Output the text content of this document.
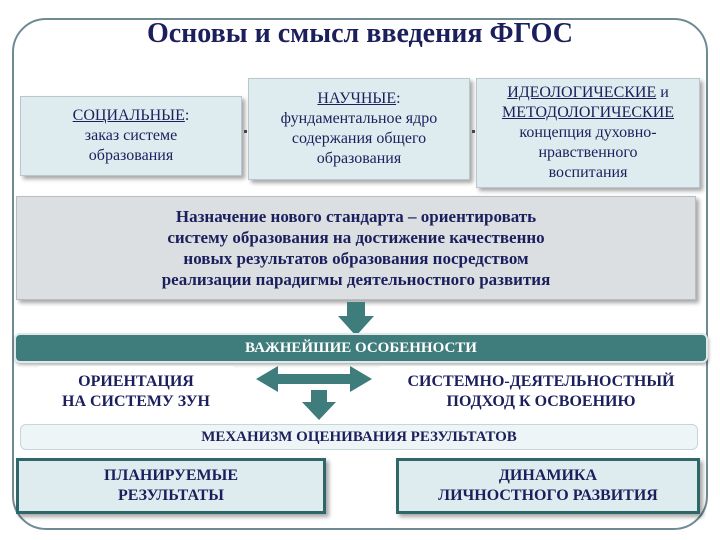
Основы и смысл введения ФГОС
СОЦИАЛЬНЫЕ:
заказ системе
образования
НАУЧНЫЕ:
фундаментальное ядро
содержания общего
образования
ИДЕОЛОГИЧЕСКИЕ и
МЕТОДОЛОГИЧЕСКИЕ
концепция духовно-
нравственного
воспитания
Назначение нового стандарта – ориентировать
систему образования на достижение качественно
новых результатов образования посредством
реализации парадигмы деятельностного развития
ВАЖНЕЙШИЕ ОСОБЕННОСТИ
ОРИЕНТАЦИЯ
НА СИСТЕМУ ЗУН
СИСТЕМНО-ДЕЯТЕЛЬНОСТНЫЙ
ПОДХОД К ОСВОЕНИЮ
МЕХАНИЗМ ОЦЕНИВАНИЯ РЕЗУЛЬТАТОВ
ПЛАНИРУЕМЫЕ
РЕЗУЛЬТАТЫ
ДИНАМИКА
ЛИЧНОСТНОГО РАЗВИТИЯ
